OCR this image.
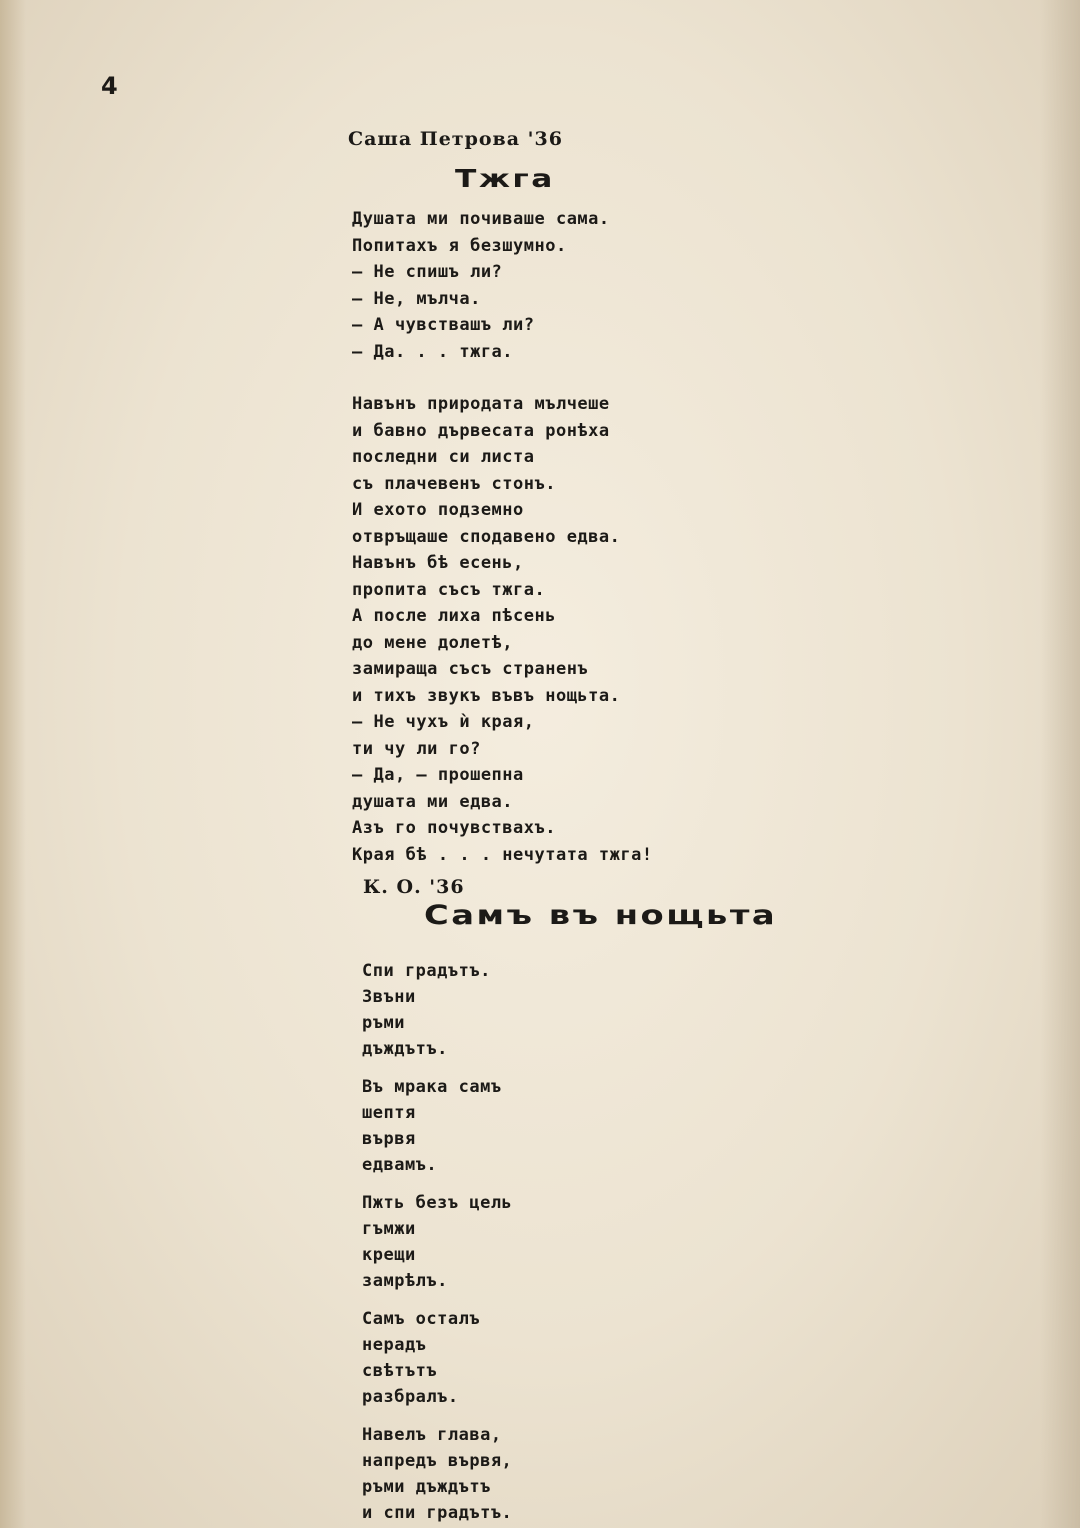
4
Саша Петрова '36
Тжга
Душата ми почиваше сама.
Попитахъ я безшумно.
— Не спишъ ли?
— Не, мълча.
— А чувствашъ ли?
— Да. . . тжга.
Навънъ природата мълчеше
и бавно дървесата ронѣха
последни си листа
съ плачевенъ стонъ.
И ехото подземно
отвръщаше сподавено едва.
Навънъ бѣ есень,
пропита съсъ тжга.
А после лиха пѣсень
до мене долетѣ,
замираща съсъ страненъ
и тихъ звукъ въвъ нощьта.
— Не чухъ ѝ края,
ти чу ли го?
— Да, — прошепна
душата ми едва.
Азъ го почувствахъ.
Края бѣ . . . нечутата тжга!
К. О. '36
Самъ въ нощьта
Спи градътъ.
Звъни
ръми
дъждътъ.
Въ мрака самъ
шептя
вървя
едвамъ.
Пжть безъ цель
гъмжи
крещи
замрѣлъ.
Самъ осталъ
нерадъ
свѣтътъ
разбралъ.
Навелъ глава,
напредъ вървя,
ръми дъждътъ
и спи градътъ.
